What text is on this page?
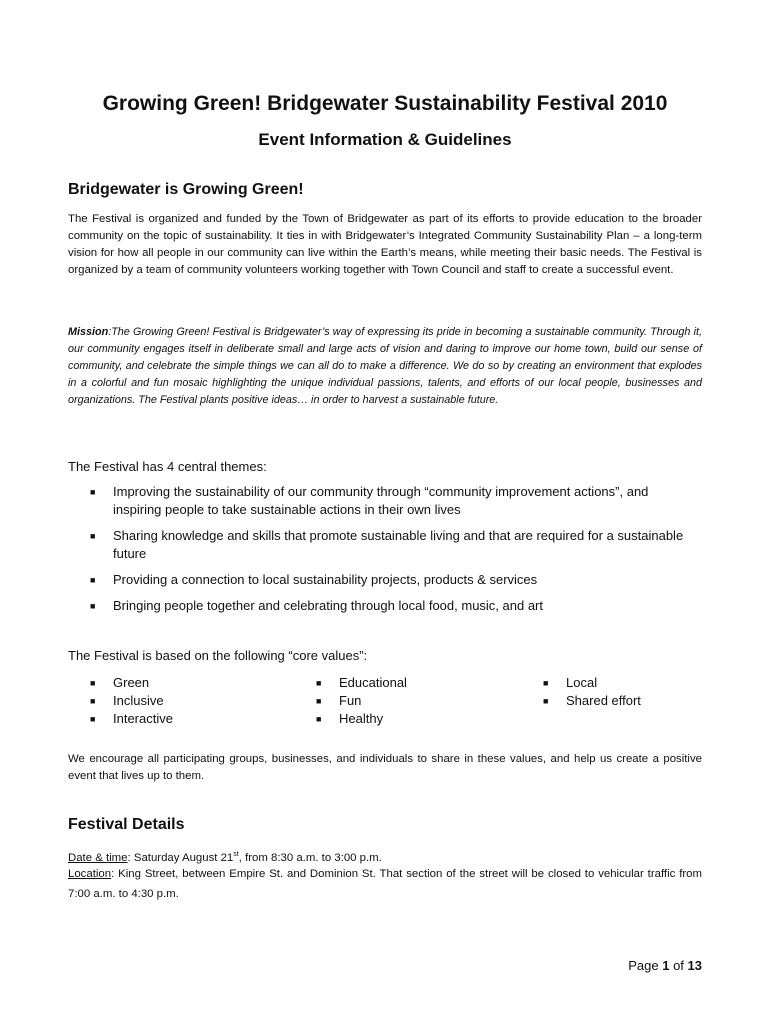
Growing Green! Bridgewater Sustainability Festival 2010
Event Information & Guidelines
Bridgewater is Growing Green!
The Festival is organized and funded by the Town of Bridgewater as part of its efforts to provide education to the broader community on the topic of sustainability. It ties in with Bridgewater’s Integrated Community Sustainability Plan – a long-term vision for how all people in our community can live within the Earth’s means, while meeting their basic needs. The Festival is organized by a team of community volunteers working together with Town Council and staff to create a successful event.
Mission:The Growing Green! Festival is Bridgewater’s way of expressing its pride in becoming a sustainable community. Through it, our community engages itself in deliberate small and large acts of vision and daring to improve our home town, build our sense of community, and celebrate the simple things we can all do to make a difference. We do so by creating an environment that explodes in a colorful and fun mosaic highlighting the unique individual passions, talents, and efforts of our local people, businesses and organizations. The Festival plants positive ideas… in order to harvest a sustainable future.
The Festival has 4 central themes:
■	Improving the sustainability of our community through “community improvement actions”, and inspiring people to take sustainable actions in their own lives
■	Sharing knowledge and skills that promote sustainable living and that are required for a sustainable future
■	Providing a connection to local sustainability projects, products & services
■	Bringing people together and celebrating through local food, music, and art
The Festival is based on the following “core values”:
■	Green
■	Inclusive
■	Interactive
■	Educational
■	Fun
■	Healthy
■	Local
■	Shared effort
We encourage all participating groups, businesses, and individuals to share in these values, and help us create a positive event that lives up to them.
Festival Details
Date & time: Saturday August 21st, from 8:30 a.m. to 3:00 p.m.
Location: King Street, between Empire St. and Dominion St. That section of the street will be closed to vehicular traffic from 7:00 a.m. to 4:30 p.m.
Page 1 of 13
